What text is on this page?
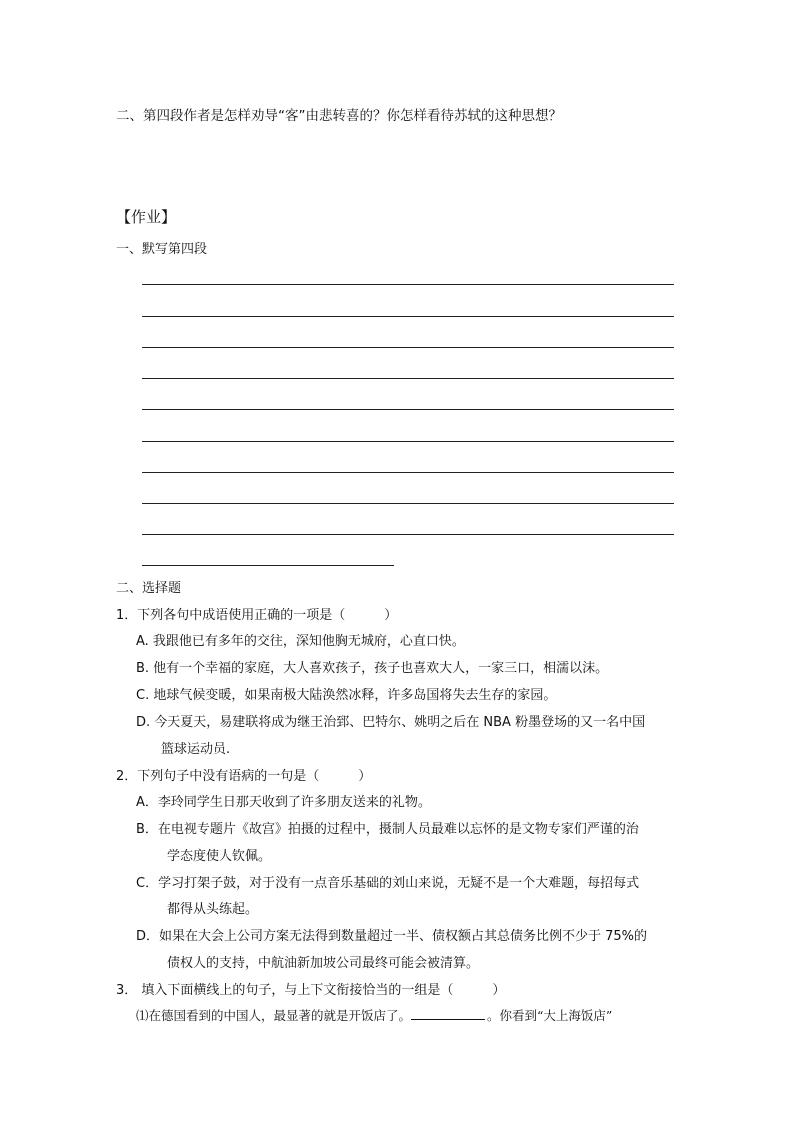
二、第四段作者是怎样劝导“客”由悲转喜的？你怎样看待苏轼的这种思想？
【作业】
一、默写第四段
二、选择题
1．下列各句中成语使用正确的一项是（　　　）
A. 我跟他已有多年的交往，深知他胸无城府，心直口快。
B. 他有一个幸福的家庭，大人喜欢孩子，孩子也喜欢大人，一家三口，相濡以沫。
C. 地球气候变暖，如果南极大陆涣然冰释，许多岛国将失去生存的家园。
D. 今天夏天，易建联将成为继王治郅、巴特尔、姚明之后在 NBA 粉墨登场的又一名中国
篮球运动员.
2．下列句子中没有语病的一句是（　　　）
A．李玲同学生日那天收到了许多朋友送来的礼物。
B．在电视专题片《故宫》拍摄的过程中，摄制人员最难以忘怀的是文物专家们严谨的治
学态度使人钦佩。
C．学习打架子鼓，对于没有一点音乐基础的刘山来说，无疑不是一个大难题，每招每式
都得从头练起。
D．如果在大会上公司方案无法得到数量超过一半、债权额占其总债务比例不少于 75%的
债权人的支持，中航油新加坡公司最终可能会被清算。
3． 填入下面横线上的句子，与上下文衔接恰当的一组是（　　　）
⑴在德国看到的中国人，最显著的就是开饭店了。	。你看到“大上海饭店”
